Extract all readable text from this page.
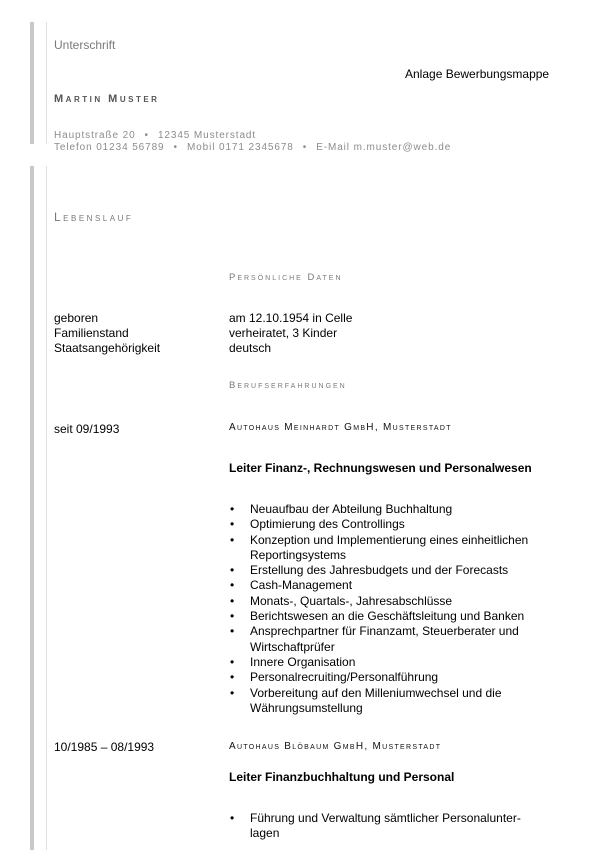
Unterschrift
Anlage Bewerbungsmappe
Martin Muster
Hauptstraße 20 • 12345 Musterstadt
Telefon 01234 56789 • Mobil 0171 2345678 • E-Mail m.muster@web.de
Lebenslauf
Persönliche Daten
geboren	am 12.10.1954 in Celle
Familienstand	verheiratet, 3 Kinder
Staatsangehörigkeit	deutsch
Berufserfahrungen
seit 09/1993	Autohaus Meinhardt GmbH, Musterstadt
Leiter Finanz-, Rechnungswesen und Personalwesen
• Neuaufbau der Abteilung Buchhaltung
• Optimierung des Controllings
• Konzeption und Implementierung eines einheitlichen Reportingsystems
• Erstellung des Jahresbudgets und der Forecasts
• Cash-Management
• Monats-, Quartals-, Jahresabschlüsse
• Berichtswesen an die Geschäftsleitung und Banken
• Ansprechpartner für Finanzamt, Steuerberater und Wirtschaftprüfer
• Innere Organisation
• Personalrecruiting/Personalführung
• Vorbereitung auf den Milleniumwechsel und die Währungsumstellung
10/1985 – 08/1993	Autohaus Blöbaum GmbH, Musterstadt
Leiter Finanzbuchhaltung und Personal
• Führung und Verwaltung sämtlicher Personalunter-lagen
